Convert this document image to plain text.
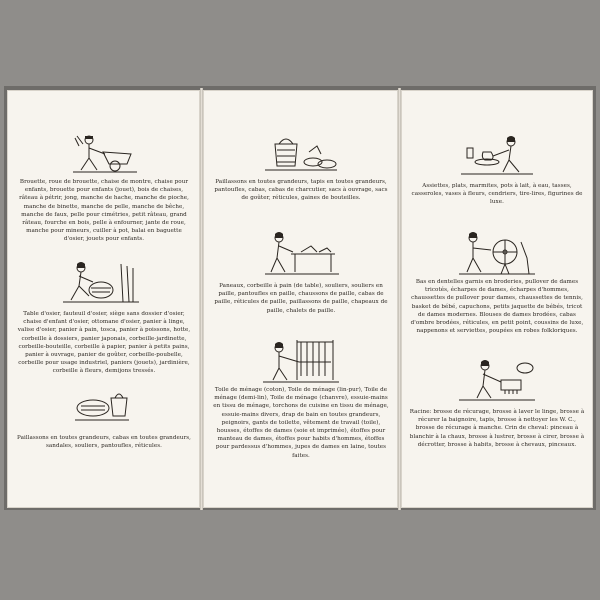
Brouette, roue de brouette, chaise de montre, chaise pour enfants, brouette pour enfants (jouet), bois de chaises, râteau à pétrir, jong, manche de hache, manche de pioche, manche de binette, manche de pelle, manche de bêche, manche de faux, pelle pour cimétries, petit râteau, grand râteau, fourche en bois, pelle à enfourner, jante de roue, manche pour mineurs, cuiller à pot, balai en baguette d'osier, jouets pour enfants.

Table d'osier, fauteuil d'osier, siège sans dossier d'osier, chaise d'enfant d'osier, ottomane d'osier, panier à linge, valise d'osier, panier à pain, tosca, panier à poissons, hotte, corbeille à dossiers, panier japonais, corbeille-jardinette, corbeille-bouteille, corbeille à papier, panier à petits pains, panier à ouvrage, panier de goûter, corbeille-poubelle, corbeille pour usage industriel, paniers (jouets), jardinière, corbeille à fleurs, demijons tressés.

Paillassons en toutes grandeurs, cabas en toutes grandeurs, sandales, souliers, pantoufles, réticules.

Paillassons en toutes grandeurs, tapis en toutes grandeurs, pantoufles, cabas, cabas de charcutier, sacs à ouvrage, sacs de goûter, réticules, gaines de bouteilles.

Paneaux, corbeille à pain (de table), souliers, souliers en paille, pantoufles en paille, chaussons de paille, cabas de paille, réticules de paille, paillassons de paille, chapeaux de paille, chalets de paille.

Toile de ménage (coton), Toile de ménage (lin-pur), Toile de ménage (demi-lin), Toile de ménage (chanvre), essuie-mains en tissu de ménage, torchons de cuisine en tissu de ménage, essuie-mains divers, drap de bain en toutes grandeurs, peignoirs, gants de toilette, vêtement de travail (toile), housses, étoffes de dames (soie et imprimée), étoffes pour manteau de dames, étoffes pour habits d'hommes, étoffes pour pardessus d'hommes, jupes de dames en laine, toutes faites.

Assiettes, plats, marmites, pots à lait, à eau, tasses, casseroles, vases à fleurs, cendriers, tire-lires, figurines de luxe.

Bas en dentelles garnis en broderies, pullover de dames tricotés, écharpes de dames, écharpes d'hommes, chaussettes de pullover pour dames, chaussettes de tennis, basket de bébé, capuchons, petits jaquette de bébés, tricot de dames modernes. Blouses de dames brodées, cabas d'ombre brodées, réticules, en petit point, coussins de luxe, nappenons et serviettes, poupées en robes folkloriques.

Racine: brosse de récurage, brosse à laver le linge, brosse à récurer la baignoire, tapis, brosse à nettoyer les W. C., brosse de récurage à manche. Crin de cheval: pinceau à blanchir à la chaux, brosse à lustrer, brosse à cirer, brosse à décrotter, brosse à habits, brosse à chevaux, pinceaux.
